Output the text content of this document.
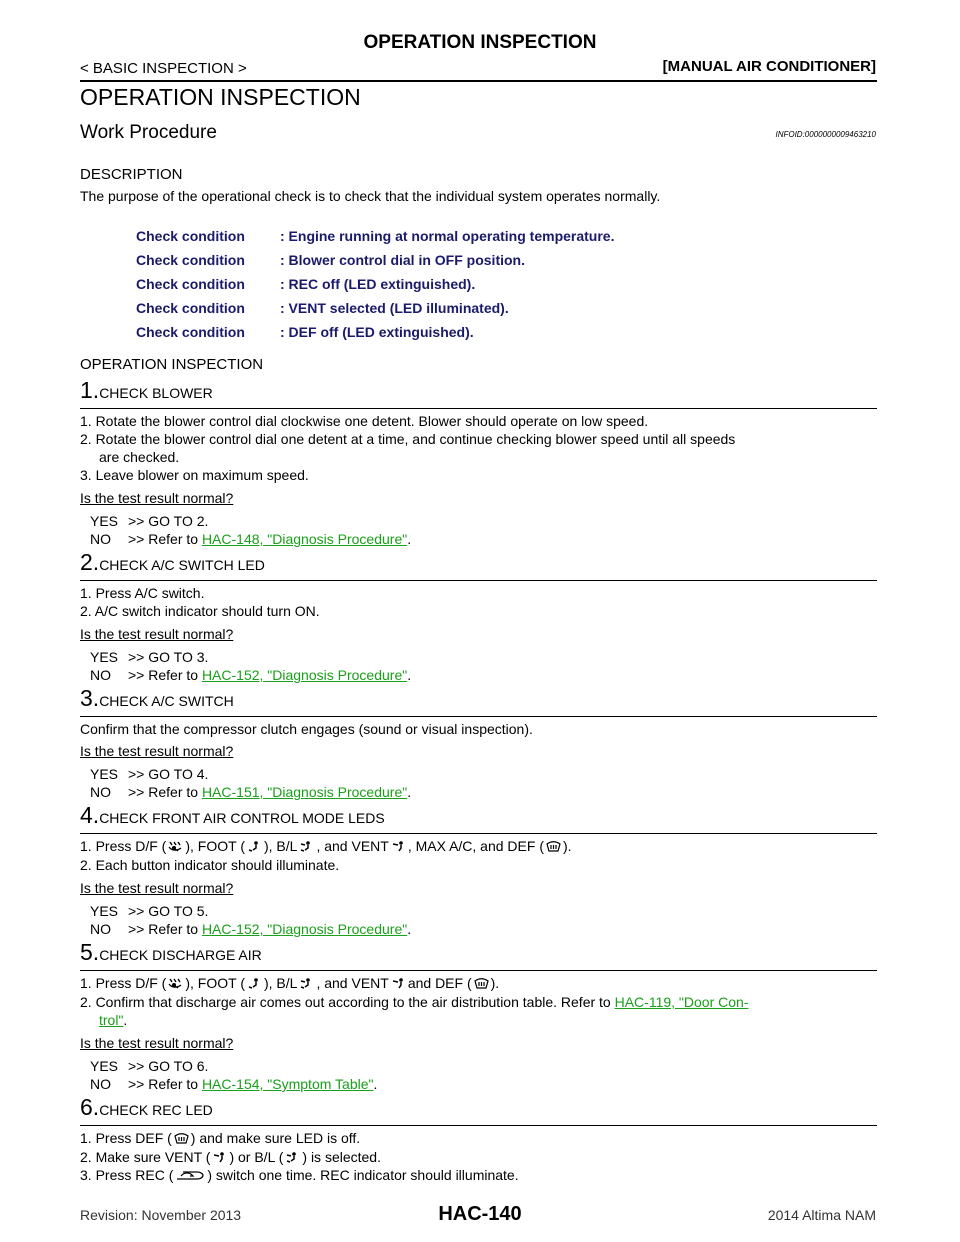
OPERATION INSPECTION
< BASIC INSPECTION >	[MANUAL AIR CONDITIONER]
OPERATION INSPECTION
Work Procedure	INFOID:0000000009463210
DESCRIPTION
The purpose of the operational check is to check that the individual system operates normally.
Check condition	: Engine running at normal operating temperature.
Check condition	: Blower control dial in OFF position.
Check condition	: REC off (LED extinguished).
Check condition	: VENT selected (LED illuminated).
Check condition	: DEF off (LED extinguished).
OPERATION INSPECTION
1.CHECK BLOWER
1. Rotate the blower control dial clockwise one detent. Blower should operate on low speed.
2. Rotate the blower control dial one detent at a time, and continue checking blower speed until all speeds
are checked.
3. Leave blower on maximum speed.
Is the test result normal?
YES >> GO TO 2.
NO >> Refer to HAC-148, "Diagnosis Procedure".
2.CHECK A/C SWITCH LED
1. Press A/C switch.
2. A/C switch indicator should turn ON.
Is the test result normal?
YES >> GO TO 3.
NO >> Refer to HAC-152, "Diagnosis Procedure".
3.CHECK A/C SWITCH
Confirm that the compressor clutch engages (sound or visual inspection).
Is the test result normal?
YES >> GO TO 4.
NO >> Refer to HAC-151, "Diagnosis Procedure".
4.CHECK FRONT AIR CONTROL MODE LEDS
1. Press D/F ( ), FOOT ( ), B/L , and VENT , MAX A/C, and DEF ( ).
2. Each button indicator should illuminate.
Is the test result normal?
YES >> GO TO 5.
NO >> Refer to HAC-152, "Diagnosis Procedure".
5.CHECK DISCHARGE AIR
1. Press D/F ( ), FOOT ( ), B/L , and VENT and DEF ( ).
2. Confirm that discharge air comes out according to the air distribution table. Refer to HAC-119, "Door Con-
trol".
Is the test result normal?
YES >> GO TO 6.
NO >> Refer to HAC-154, "Symptom Table".
6.CHECK REC LED
1. Press DEF ( ) and make sure LED is off.
2. Make sure VENT ( ) or B/L ( ) is selected.
3. Press REC ( ) switch one time. REC indicator should illuminate.
Revision: November 2013	HAC-140	2014 Altima NAM
